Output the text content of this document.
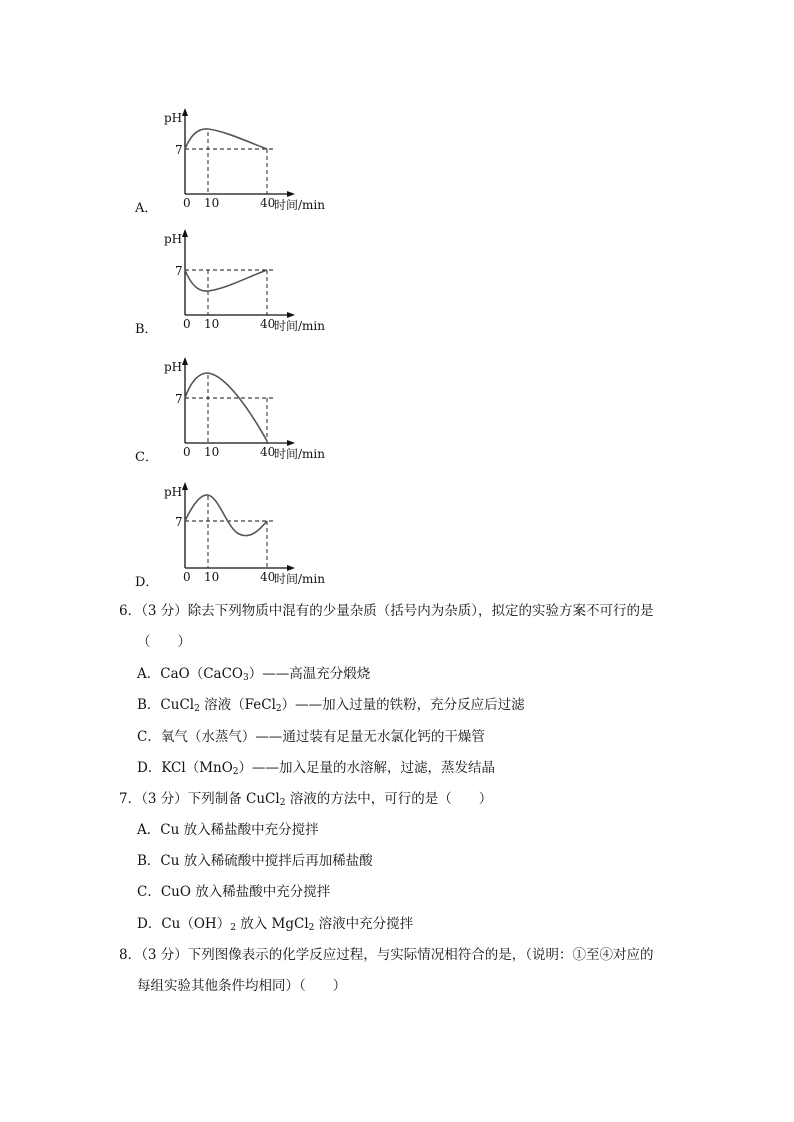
A．
pH
7
0 10	40
时间/min
B．
pH
7
0 10	40
时间/min
C．
pH
7
0 10	40
时间/min
D．
pH
7
0 10	40
时间/min
6．（3 分）除去下列物质中混有的少量杂质（括号内为杂质），拟定的实验方案不可行的是
（　　）
A．CaO（CaCO$_3$）——高温充分煅烧
B．CuCl$_2$ 溶液（FeCl$_2$）——加入过量的铁粉，充分反应后过滤
C．氧气（水蒸气）——通过装有足量无水氯化钙的干燥管
D．KCl（MnO$_2$）——加入足量的水溶解，过滤，蒸发结晶
7．（3 分）下列制备 CuCl$_2$ 溶液的方法中，可行的是（　　）
A．Cu 放入稀盐酸中充分搅拌
B．Cu 放入稀硫酸中搅拌后再加稀盐酸
C．CuO 放入稀盐酸中充分搅拌
D．$Cu(OH)_2$ 放入 MgCl$_2$ 溶液中充分搅拌
8．（3 分）下列图像表示的化学反应过程，与实际情况相符合的是，（说明：①至④对应的
每组实验其他条件均相同）（　　）
